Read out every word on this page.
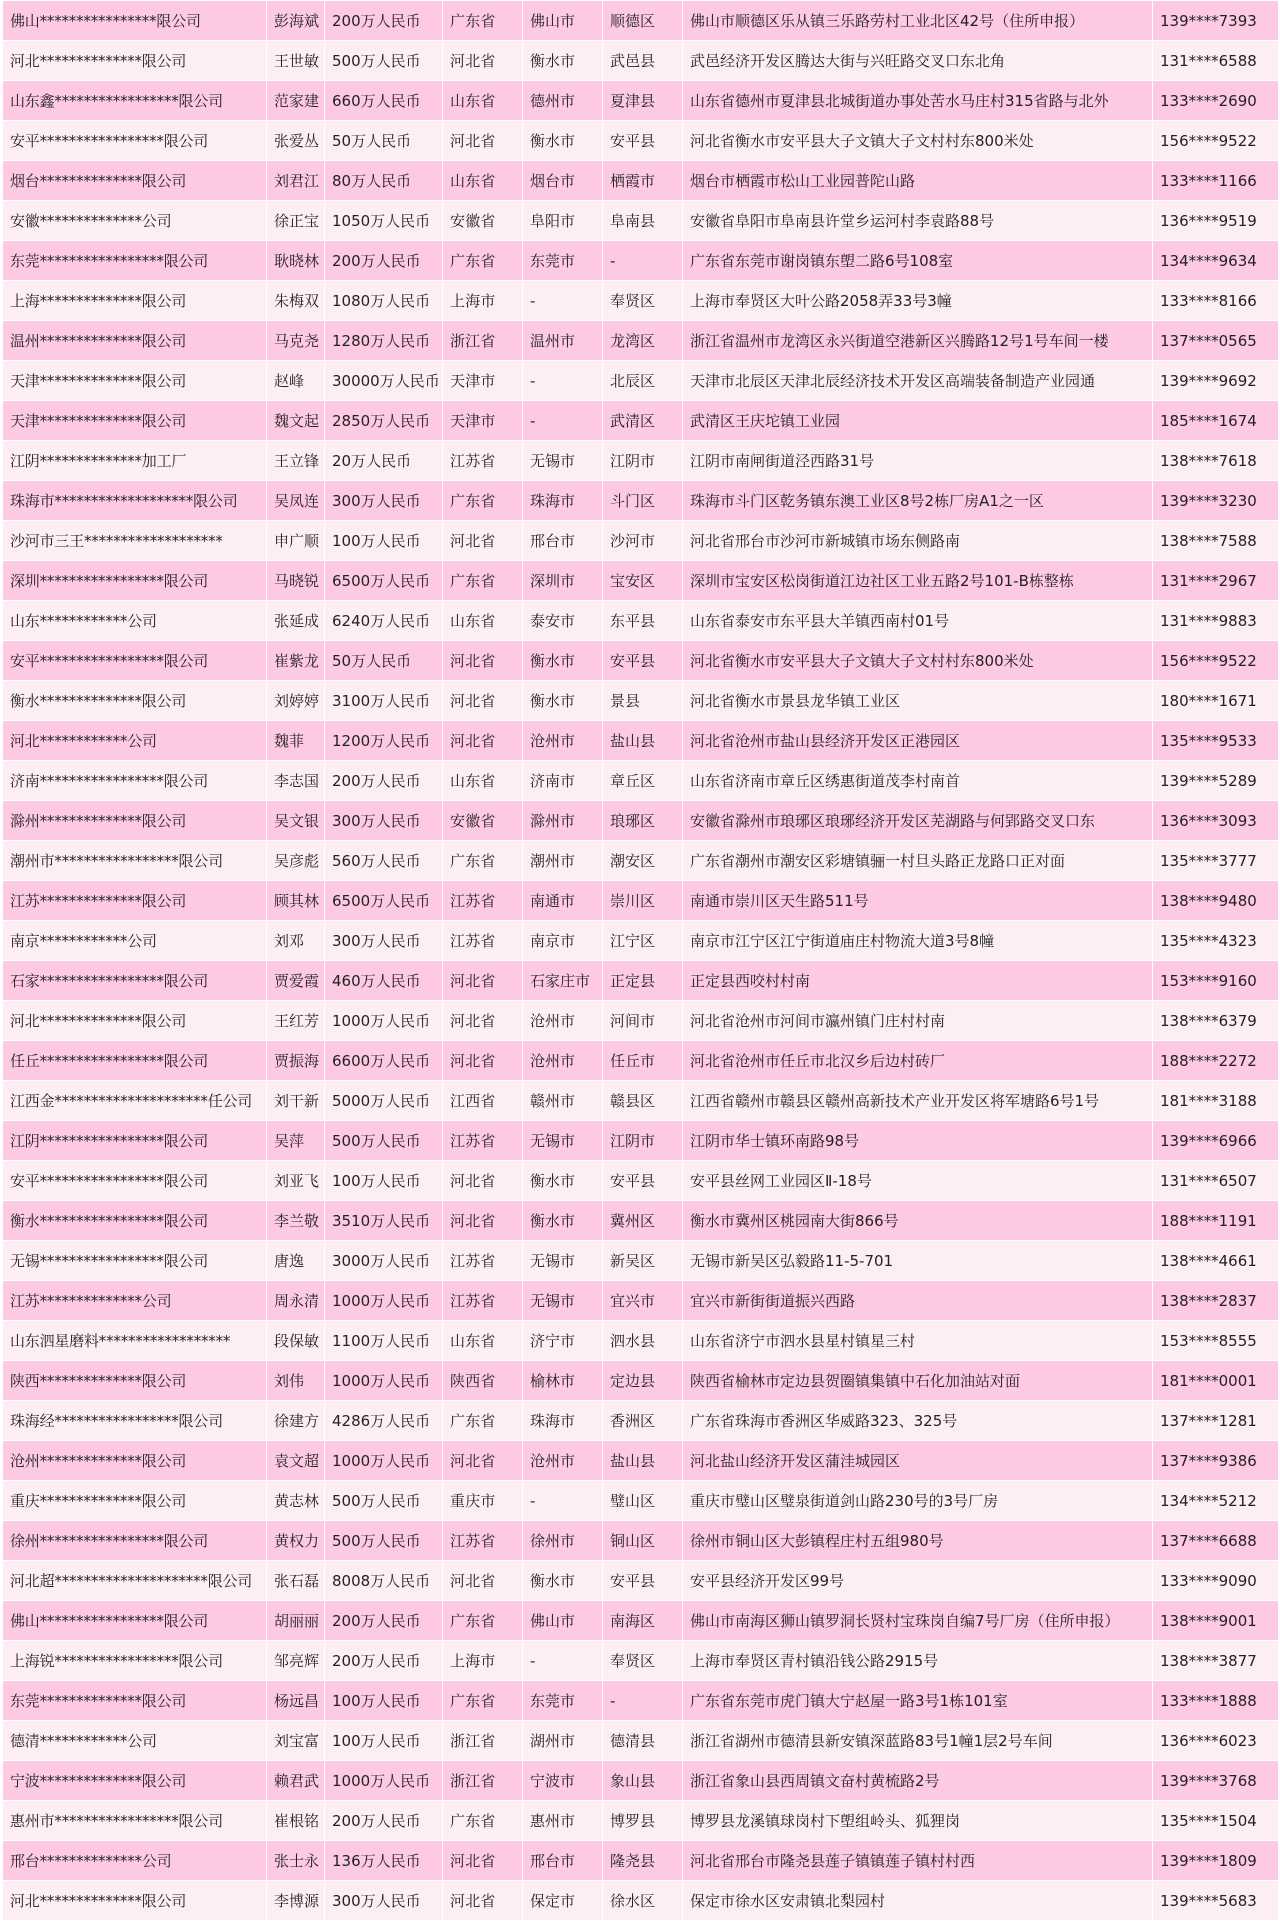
佛山****************限公司	彭海斌	200万人民币	广东省	佛山市	顺德区	佛山市顺德区乐从镇三乐路劳村工业北区42号（住所申报）	139****7393
河北**************限公司	王世敏	500万人民币	河北省	衡水市	武邑县	武邑经济开发区腾达大街与兴旺路交叉口东北角	131****6588
山东鑫*****************限公司	范家建	660万人民币	山东省	德州市	夏津县	山东省德州市夏津县北城街道办事处苦水马庄村315省路与北外	133****2690
安平*****************限公司	张爱丛	50万人民币	河北省	衡水市	安平县	河北省衡水市安平县大子文镇大子文村村东800米处	156****9522
烟台**************限公司	刘君江	80万人民币	山东省	烟台市	栖霞市	烟台市栖霞市松山工业园普陀山路	133****1166
安徽**************公司	徐正宝	1050万人民币	安徽省	阜阳市	阜南县	安徽省阜阳市阜南县许堂乡运河村李袁路88号	136****9519
东莞*****************限公司	耿晓林	200万人民币	广东省	东莞市	-	广东省东莞市谢岗镇东塱二路6号108室	134****9634
上海**************限公司	朱梅双	1080万人民币	上海市	-	奉贤区	上海市奉贤区大叶公路2058弄33号3幢	133****8166
温州**************限公司	马克尧	1280万人民币	浙江省	温州市	龙湾区	浙江省温州市龙湾区永兴街道空港新区兴腾路12号1号车间一楼	137****0565
天津**************限公司	赵峰	30000万人民币	天津市	-	北辰区	天津市北辰区天津北辰经济技术开发区高端装备制造产业园通	139****9692
天津**************限公司	魏文起	2850万人民币	天津市	-	武清区	武清区王庆坨镇工业园	185****1674
江阴**************加工厂	王立锋	20万人民币	江苏省	无锡市	江阴市	江阴市南闸街道泾西路31号	138****7618
珠海市*******************限公司	吴凤连	300万人民币	广东省	珠海市	斗门区	珠海市斗门区乾务镇东澳工业区8号2栋厂房A1之一区	139****3230
沙河市三王*******************	申广顺	100万人民币	河北省	邢台市	沙河市	河北省邢台市沙河市新城镇市场东侧路南	138****7588
深圳*****************限公司	马晓锐	6500万人民币	广东省	深圳市	宝安区	深圳市宝安区松岗街道江边社区工业五路2号101-B栋整栋	131****2967
山东************公司	张延成	6240万人民币	山东省	泰安市	东平县	山东省泰安市东平县大羊镇西南村01号	131****9883
安平*****************限公司	崔紫龙	50万人民币	河北省	衡水市	安平县	河北省衡水市安平县大子文镇大子文村村东800米处	156****9522
衡水**************限公司	刘婷婷	3100万人民币	河北省	衡水市	景县	河北省衡水市景县龙华镇工业区	180****1671
河北************公司	魏菲	1200万人民币	河北省	沧州市	盐山县	河北省沧州市盐山县经济开发区正港园区	135****9533
济南*****************限公司	李志国	200万人民币	山东省	济南市	章丘区	山东省济南市章丘区绣惠街道茂李村南首	139****5289
滁州**************限公司	吴文银	300万人民币	安徽省	滁州市	琅琊区	安徽省滁州市琅琊区琅琊经济开发区芜湖路与何郢路交叉口东	136****3093
潮州市*****************限公司	吴彦彪	560万人民币	广东省	潮州市	潮安区	广东省潮州市潮安区彩塘镇骊一村旦头路正龙路口正对面	135****3777
江苏**************限公司	顾其林	6500万人民币	江苏省	南通市	崇川区	南通市崇川区天生路511号	138****9480
南京************公司	刘邓	300万人民币	江苏省	南京市	江宁区	南京市江宁区江宁街道庙庄村物流大道3号8幢	135****4323
石家*****************限公司	贾爱霞	460万人民币	河北省	石家庄市	正定县	正定县西咬村村南	153****9160
河北**************限公司	王红芳	1000万人民币	河北省	沧州市	河间市	河北省沧州市河间市瀛州镇门庄村村南	138****6379
任丘*****************限公司	贾振海	6600万人民币	河北省	沧州市	任丘市	河北省沧州市任丘市北汉乡后边村砖厂	188****2272
江西金*********************任公司	刘干新	5000万人民币	江西省	赣州市	赣县区	江西省赣州市赣县区赣州高新技术产业开发区将军塘路6号1号	181****3188
江阴*****************限公司	吴萍	500万人民币	江苏省	无锡市	江阴市	江阴市华士镇环南路98号	139****6966
安平*****************限公司	刘亚飞	100万人民币	河北省	衡水市	安平县	安平县丝网工业园区Ⅱ-18号	131****6507
衡水*****************限公司	李兰敬	3510万人民币	河北省	衡水市	冀州区	衡水市冀州区桃园南大街866号	188****1191
无锡*****************限公司	唐逸	3000万人民币	江苏省	无锡市	新吴区	无锡市新吴区弘毅路11-5-701	138****4661
江苏**************公司	周永清	1000万人民币	江苏省	无锡市	宜兴市	宜兴市新街街道振兴西路	138****2837
山东泗星磨料******************	段保敏	1100万人民币	山东省	济宁市	泗水县	山东省济宁市泗水县星村镇星三村	153****8555
陕西**************限公司	刘伟	1000万人民币	陕西省	榆林市	定边县	陕西省榆林市定边县贺圈镇集镇中石化加油站对面	181****0001
珠海经*****************限公司	徐建方	4286万人民币	广东省	珠海市	香洲区	广东省珠海市香洲区华威路323、325号	137****1281
沧州**************限公司	袁文超	1000万人民币	河北省	沧州市	盐山县	河北盐山经济开发区蒲洼城园区	137****9386
重庆**************限公司	黄志林	500万人民币	重庆市	-	璧山区	重庆市璧山区璧泉街道剑山路230号的3号厂房	134****5212
徐州*****************限公司	黄权力	500万人民币	江苏省	徐州市	铜山区	徐州市铜山区大彭镇程庄村五组980号	137****6688
河北超*********************限公司	张石磊	8008万人民币	河北省	衡水市	安平县	安平县经济开发区99号	133****9090
佛山*****************限公司	胡丽丽	200万人民币	广东省	佛山市	南海区	佛山市南海区狮山镇罗洞长贤村宝珠岗自编7号厂房（住所申报）	138****9001
上海锐*****************限公司	邹亮辉	200万人民币	上海市	-	奉贤区	上海市奉贤区青村镇沿钱公路2915号	138****3877
东莞**************限公司	杨远昌	100万人民币	广东省	东莞市	-	广东省东莞市虎门镇大宁赵屋一路3号1栋101室	133****1888
德清************公司	刘宝富	100万人民币	浙江省	湖州市	德清县	浙江省湖州市德清县新安镇深蓝路83号1幢1层2号车间	136****6023
宁波**************限公司	赖君武	1000万人民币	浙江省	宁波市	象山县	浙江省象山县西周镇文奋村黄梳路2号	139****3768
惠州市*****************限公司	崔根铭	200万人民币	广东省	惠州市	博罗县	博罗县龙溪镇球岗村下塱组岭头、狐狸岗	135****1504
邢台**************公司	张士永	136万人民币	河北省	邢台市	隆尧县	河北省邢台市隆尧县莲子镇镇莲子镇村村西	139****1809
河北**************限公司	李博源	300万人民币	河北省	保定市	徐水区	保定市徐水区安肃镇北梨园村	139****5683
